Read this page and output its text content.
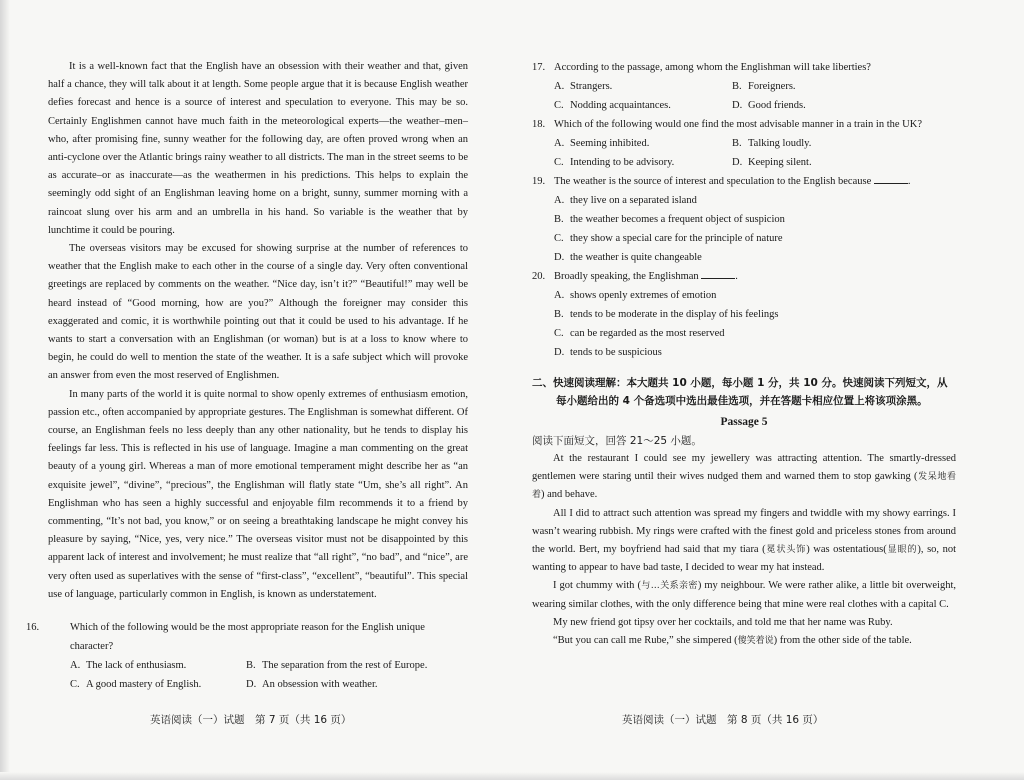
It is a well-known fact that the English have an obsession with their weather and that, given half a chance, they will talk about it at length. Some people argue that it is because English weather defies forecast and hence is a source of interest and speculation to everyone. This may be so. Certainly Englishmen cannot have much faith in the meteorological experts—the weather–men–who, after promising fine, sunny weather for the following day, are often proved wrong when an anti-cyclone over the Atlantic brings rainy weather to all districts. The man in the street seems to be as accurate–or as inaccurate—as the weathermen in his predictions. This helps to explain the seemingly odd sight of an Englishman leaving home on a bright, sunny, summer morning with a raincoat slung over his arm and an umbrella in his hand. So variable is the weather that by lunchtime it could be pouring.

The overseas visitors may be excused for showing surprise at the number of references to weather that the English make to each other in the course of a single day. Very often conventional greetings are replaced by comments on the weather. “Nice day, isn’t it?” “Beautiful!” may well be heard instead of “Good morning, how are you?” Although the foreigner may consider this exaggerated and comic, it is worthwhile pointing out that it could be used to his advantage. If he wants to start a conversation with an Englishman (or woman) but is at a loss to know where to begin, he could do well to mention the state of the weather. It is a safe subject which will provoke an answer from even the most reserved of Englishmen.

In many parts of the world it is quite normal to show openly extremes of enthusiasm emotion, passion etc., often accompanied by appropriate gestures. The Englishman is somewhat different. Of course, an Englishman feels no less deeply than any other nationality, but he tends to display his feelings far less. This is reflected in his use of language. Imagine a man commenting on the great beauty of a young girl. Whereas a man of more emotional temperament might describe her as “an exquisite jewel”, “divine”, “precious”, the Englishman will flatly state “Um, she’s all right”. An Englishman who has seen a highly successful and enjoyable film recommends it to a friend by commenting, “It’s not bad, you know,” or on seeing a breathtaking landscape he might convey his pleasure by saying, “Nice, yes, very nice.” The overseas visitor must not be disappointed by this apparent lack of interest and involvement; he must realize that “all right”, “no bad”, and “nice”, are very often used as superlatives with the sense of “first-class”, “excellent”, “beautiful”. This special use of language, particularly common in English, is known as understatement.

16.	Which of the following would be the most appropriate reason for the English unique character?

A. The lack of enthusiasm.	B. The separation from the rest of Europe.
C. A good mastery of English.	D. An obsession with weather.
英语阅读（一）试题　第 7 页（共 16 页）

17. According to the passage, among whom the Englishman will take liberties?

A. Strangers.	B. Foreigners.
C. Nodding acquaintances.	D. Good friends.

18. Which of the following would one find the most advisable manner in a train in the UK?

A. Seeming inhibited.	B. Talking loudly.
C. Intending to be advisory.	D. Keeping silent.

19. The weather is the source of interest and speculation to the English because	.

A. they live on a separated island
B. the weather becomes a frequent object of suspicion
C. they show a special care for the principle of nature
D. the weather is quite changeable

20. Broadly speaking, the Englishman	.

A. shows openly extremes of emotion
B. tends to be moderate in the display of his feelings
C. can be regarded as the most reserved
D. tends to be suspicious
二、快速阅读理解：本大题共 10 小题，每小题 1 分，共 10 分。快速阅读下列短文，从
每小题给出的 4 个备选项中选出最佳选项，并在答题卡相应位置上将该项涂黑。
Passage 5
阅读下面短文，回答 21～25 小题。

At the restaurant I could see my jewellery was attracting attention. The smartly-dressed gentlemen were staring until their wives nudged them and warned them to stop gawking (发呆地看着) and behave.

All I did to attract such attention was spread my fingers and twiddle with my showy earrings. I wasn’t wearing rubbish. My rings were crafted with the finest gold and priceless stones from around the world. Bert, my boyfriend had said that my tiara (冕状头饰) was ostentatious(显眼的), so, not wanting to appear to have bad taste, I decided to wear my hat instead.

I got chummy with (与…关系亲密) my neighbour. We were rather alike, a little bit overweight, wearing similar clothes, with the only difference being that mine were real clothes with a capital C.

My new friend got tipsy over her cocktails, and told me that her name was Ruby.

“But you can call me Rube,” she simpered (傻笑着说) from the other side of the table.

英语阅读（一）试题　第 8 页（共 16 页）
